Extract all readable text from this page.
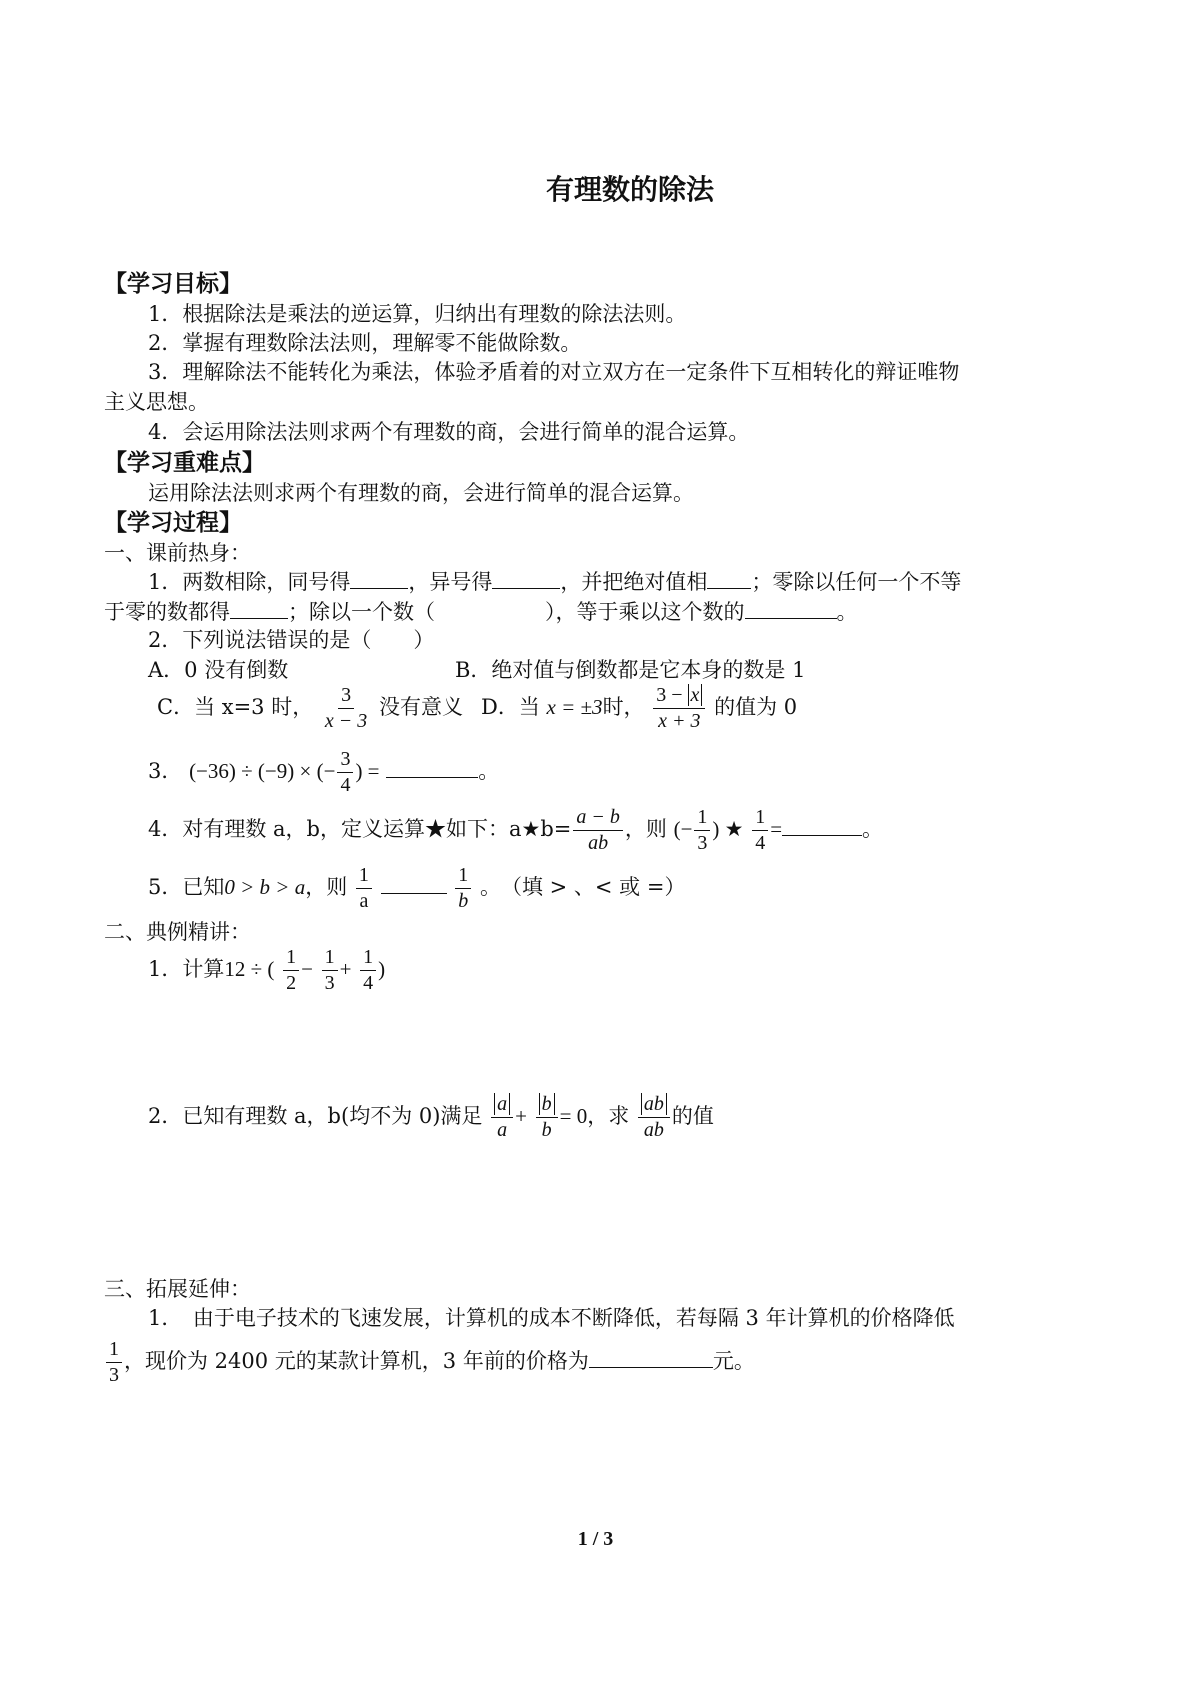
有理数的除法
【学习目标】
1．根据除法是乘法的逆运算，归纳出有理数的除法法则。
2．掌握有理数除法法则，理解零不能做除数。
3．理解除法不能转化为乘法，体验矛盾着的对立双方在一定条件下互相转化的辩证唯物
主义思想。
4．会运用除法法则求两个有理数的商，会进行简单的混合运算。
【学习重难点】
运用除法法则求两个有理数的商，会进行简单的混合运算。
【学习过程】
一、课前热身：
1．两数相除，同号得	，异号得	，并把绝对值相 ；零除以任何一个不等
于零的数都得	；除以一个数（	），等于乘以这个数的	。
2．下列说法错误的是（　　）
A．0 没有倒数	B．绝对值与倒数都是它本身的数是 1
C．当 x=3 时， $\frac{3}{x - 3}$ 没有意义 D．当 x = ±3时， $\frac{3 - x}{x + 3}$ 的值为 0
3． (−36) ÷ (−9) × (− $\frac{3}{4}$ ) =	。
4．对有理数 a，b，定义运算★如下：a★b= $\frac{a - b}{ab}$ ，则 (− $\frac{1}{3}$ ) ★ $\frac{1}{4}$ =	。
5．已知0 > b > a，则 $\frac{1}{a}$
	$\frac{1}{b}$ 。　（填 > 、< 或 =）
二、典例精讲：
1．计算12 ÷ ( $\frac{1}{2} - \frac{1}{3} + \frac{1}{4}$ )
2．已知有理数 a，b(均不为 0)满足 $\frac{a}{a} + \frac{b}{b} = 0$，求 $\frac{ab}{ab}$ 的值
三、拓展延伸：
1．　由于电子技术的飞速发展，计算机的成本不断降低，若每隔 3 年计算机的价格降低
$\frac{1}{3}$ ，现价为 2400 元的某款计算机，3 年前的价格为	元。
1 / 3
